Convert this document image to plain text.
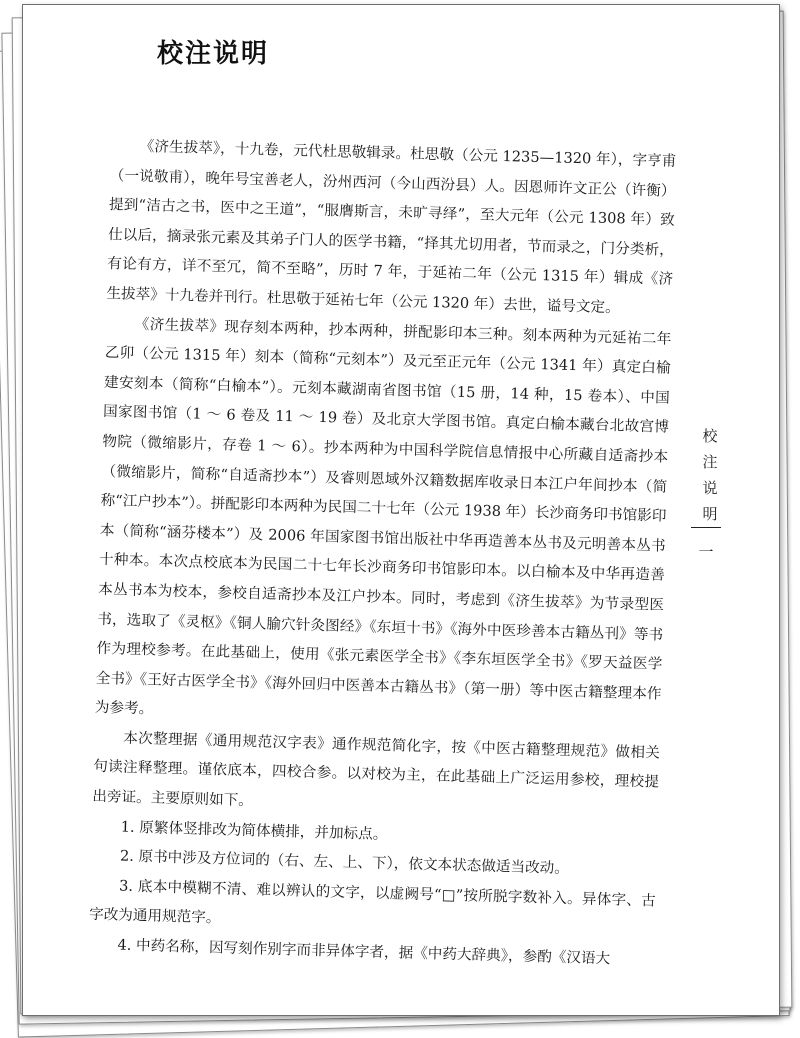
校注说明

《济生拔萃》，十九卷，元代杜思敬辑录。杜思敬（公元 1235—1320 年），字亨甫（一说敬甫），晚年号宝善老人，汾州西河（今山西汾县）人。因恩师许文正公（许衡）提到“洁古之书，医中之王道”，“服膺斯言，未旷寻绎”，至大元年（公元 1308 年）致仕以后，摘录张元素及其弟子门人的医学书籍，“择其尤切用者，节而录之，门分类析，有论有方，详不至冗，简不至略”，历时 7 年，于延祐二年（公元 1315 年）辑成《济生拔萃》十九卷并刊行。杜思敬于延祐七年（公元 1320 年）去世，谥号文定。

《济生拔萃》现存刻本两种，抄本两种，拼配影印本三种。刻本两种为元延祐二年乙卯（公元 1315 年）刻本（简称“元刻本”）及元至正元年（公元 1341 年）真定白榆建安刻本（简称“白榆本”）。元刻本藏湖南省图书馆（15 册，14 种，15 卷本）、中国国家图书馆（1 ～ 6 卷及 11 ～ 19 卷）及北京大学图书馆。真定白榆本藏台北故宫博物院（微缩影片，存卷 1 ～ 6）。抄本两种为中国科学院信息情报中心所藏自适斋抄本（微缩影片，简称“自适斋抄本”）及睿则恩域外汉籍数据库收录日本江户年间抄本（简称“江户抄本”）。拼配影印本两种为民国二十七年（公元 1938 年）长沙商务印书馆影印本（简称“涵芬楼本”）及 2006 年国家图书馆出版社中华再造善本丛书及元明善本丛书十种本。本次点校底本为民国二十七年长沙商务印书馆影印本。以白榆本及中华再造善本丛书本为校本，参校自适斋抄本及江户抄本。同时，考虑到《济生拔萃》为节录型医书，选取了《灵枢》《铜人腧穴针灸图经》《东垣十书》《海外中医珍善本古籍丛刊》等书作为理校参考。在此基础上，使用《张元素医学全书》《李东垣医学全书》《罗天益医学全书》《王好古医学全书》《海外回归中医善本古籍丛书》（第一册）等中医古籍整理本作为参考。

本次整理据《通用规范汉字表》通作规范简化字，按《中医古籍整理规范》做相关句读注释整理。谨依底本，四校合参。以对校为主，在此基础上广泛运用参校，理校提出旁证。主要原则如下。

1. 原繁体竖排改为简体横排，并加标点。

2. 原书中涉及方位词的（右、左、上、下），依文本状态做适当改动。

3. 底本中模糊不清、难以辨认的文字，以虚阙号“□”按所脱字数补入。异体字、古字改为通用规范字。

4. 中药名称，因写刻作别字而非异体字者，据《中药大辞典》，参酌《汉语大

校
注
说
明
一
